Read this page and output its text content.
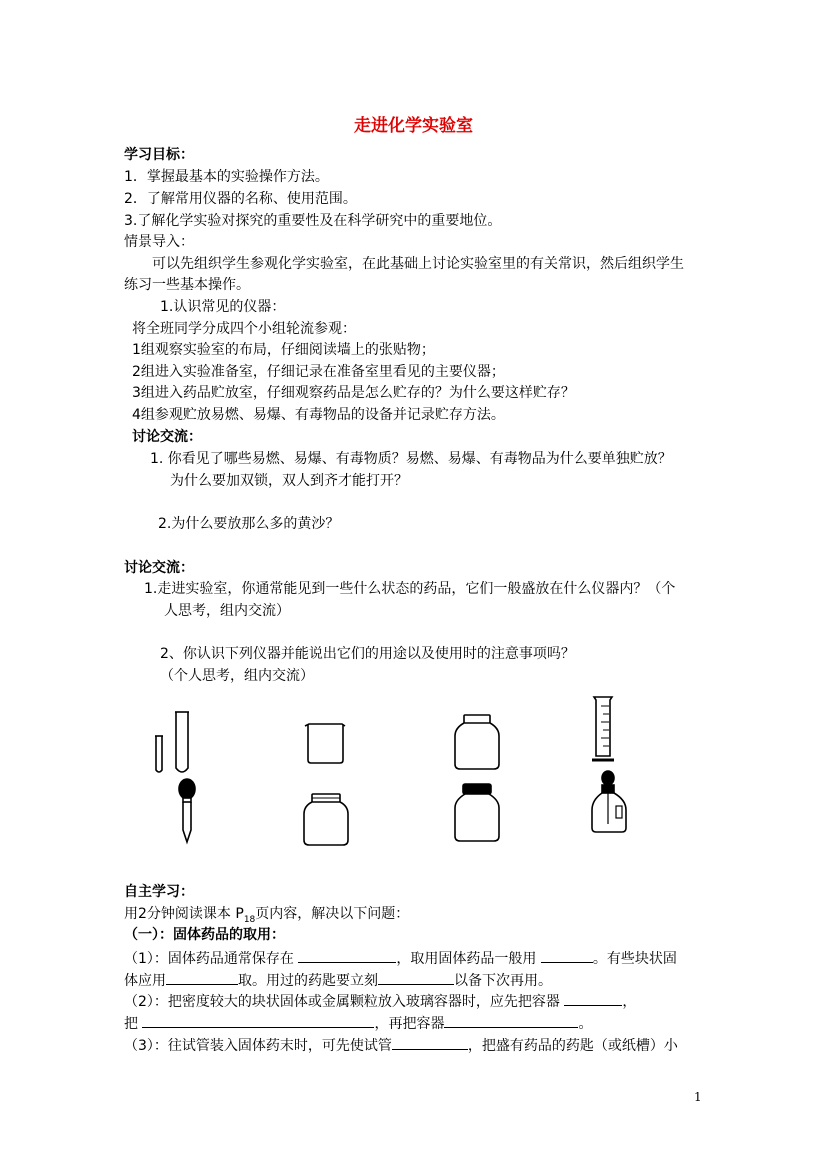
走进化学实验室
学习目标：
1．掌握最基本的实验操作方法。
2．了解常用仪器的名称、使用范围。
3.了解化学实验对探究的重要性及在科学研究中的重要地位。
情景导入：
可以先组织学生参观化学实验室，在此基础上讨论实验室里的有关常识，然后组织学生
练习一些基本操作。
1.认识常见的仪器：
将全班同学分成四个小组轮流参观：
1组观察实验室的布局，仔细阅读墙上的张贴物；
2组进入实验准备室，仔细记录在准备室里看见的主要仪器；
3组进入药品贮放室，仔细观察药品是怎么贮存的？为什么要这样贮存？
4组参观贮放易燃、易爆、有毒物品的设备并记录贮存方法。
讨论交流：
1. 你看见了哪些易燃、易爆、有毒物质？易燃、易爆、有毒物品为什么要单独贮放？
为什么要加双锁，双人到齐才能打开？
2.为什么要放那么多的黄沙？
讨论交流：
1.走进实验室，你通常能见到一些什么状态的药品，它们一般盛放在什么仪器内？（个
人思考，组内交流）
2、你认识下列仪器并能说出它们的用途以及使用时的注意事项吗？
（个人思考，组内交流）
自主学习：
用2分钟阅读课本 $P_{18}$页内容，解决以下问题：
（一）：固体药品的取用：
（1）：固体药品通常保存在	，取用固体药品一般用	。有些块状固
体应用	取。用过的药匙要立刻	以备下次再用。
（2）：把密度较大的块状固体或金属颗粒放入玻璃容器时，应先把容器	，
把	，再把容器	。
（3）：往试管装入固体药末时，可先使试管	，把盛有药品的药匙（或纸槽）小
1
